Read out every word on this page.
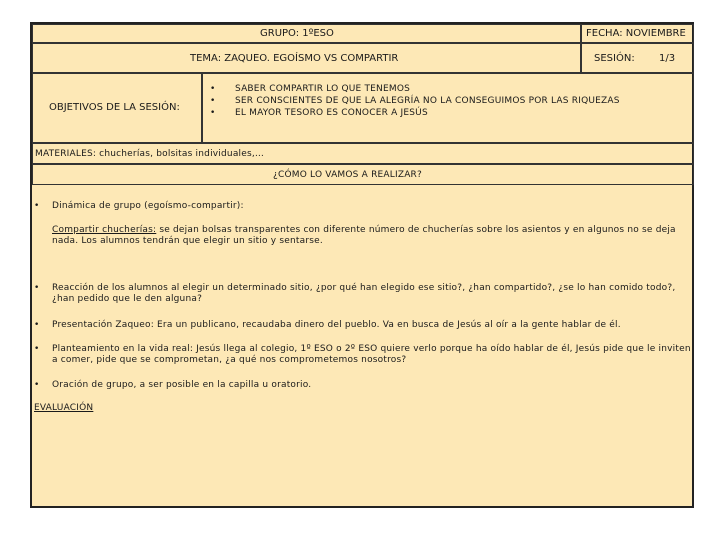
GRUPO: 1ºESO	FECHA: NOVIEMBRE
TEMA: ZAQUEO. EGOÍSMO VS COMPARTIR	SESIÓN: 1/3
OBJETIVOS DE LA SESIÓN:
• SABER COMPARTIR LO QUE TENEMOS
• SER CONSCIENTES DE QUE LA ALEGRÍA NO LA CONSEGUIMOS POR LAS RIQUEZAS
• EL MAYOR TESORO ES CONOCER A JESÚS
MATERIALES: chucherías, bolsitas individuales,…
¿CÓMO LO VAMOS A REALIZAR?
• Dinámica de grupo (egoísmo-compartir):
Compartir chucherías: se dejan bolsas transparentes con diferente número de chucherías sobre los asientos y en algunos no se deja nada. Los alumnos tendrán que elegir un sitio y sentarse.
• Reacción de los alumnos al elegir un determinado sitio, ¿por qué han elegido ese sitio?, ¿han compartido?, ¿se lo han comido todo?, ¿han pedido que le den alguna?
• Presentación Zaqueo: Era un publicano, recaudaba dinero del pueblo. Va en busca de Jesús al oír a la gente hablar de él.
• Planteamiento en la vida real: Jesús llega al colegio, 1º ESO o 2º ESO quiere verlo porque ha oído hablar de él, Jesús pide que le inviten a comer, pide que se comprometan, ¿a qué nos comprometemos nosotros?
• Oración de grupo, a ser posible en la capilla u oratorio.
EVALUACIÓN
